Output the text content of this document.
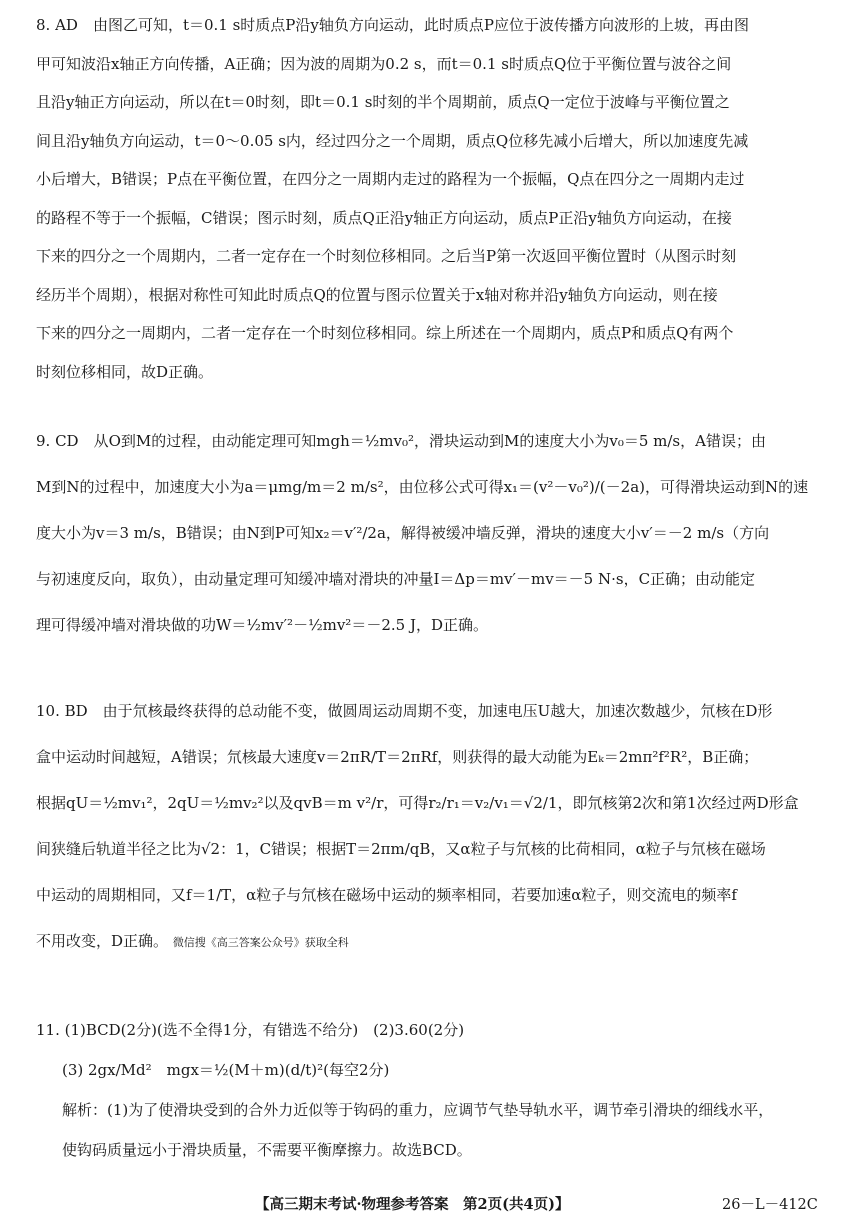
8. AD　由图乙可知，t＝0.1 s时质点P沿y轴负方向运动，此时质点P应位于波传播方向波形的上坡，再由图

甲可知波沿x轴正方向传播，A正确；因为波的周期为0.2 s，而t＝0.1 s时质点Q位于平衡位置与波谷之间

且沿y轴正方向运动，所以在t＝0时刻，即t＝0.1 s时刻的半个周期前，质点Q一定位于波峰与平衡位置之

间且沿y轴负方向运动，t＝0～0.05 s内，经过四分之一个周期，质点Q位移先减小后增大，所以加速度先减

小后增大，B错误；P点在平衡位置，在四分之一周期内走过的路程为一个振幅，Q点在四分之一周期内走过

的路程不等于一个振幅，C错误；图示时刻，质点Q正沿y轴正方向运动，质点P正沿y轴负方向运动，在接

下来的四分之一个周期内，二者一定存在一个时刻位移相同。之后当P第一次返回平衡位置时（从图示时刻

经历半个周期），根据对称性可知此时质点Q的位置与图示位置关于x轴对称并沿y轴负方向运动，则在接

下来的四分之一周期内，二者一定存在一个时刻位移相同。综上所述在一个周期内，质点P和质点Q有两个

时刻位移相同，故D正确。

9. CD　从O到M的过程，由动能定理可知mgh＝½mv₀²，滑块运动到M的速度大小为v₀＝5 m/s，A错误；由

M到N的过程中，加速度大小为a＝μmg/m＝2 m/s²，由位移公式可得x₁＝(v²－v₀²)/(－2a)，可得滑块运动到N的速

度大小为v＝3 m/s，B错误；由N到P可知x₂＝v′²/2a，解得被缓冲墙反弹，滑块的速度大小v′＝－2 m/s（方向

与初速度反向，取负），由动量定理可知缓冲墙对滑块的冲量I＝Δp＝mv′－mv＝－5 N·s，C正确；由动能定

理可得缓冲墙对滑块做的功W＝½mv′²－½mv²＝－2.5 J，D正确。

10. BD　由于氘核最终获得的总动能不变，做圆周运动周期不变，加速电压U越大，加速次数越少，氘核在D形

盒中运动时间越短，A错误；氘核最大速度v＝2πR/T＝2πRf，则获得的最大动能为Eₖ＝2mπ²f²R²，B正确；

根据qU＝½mv₁²，2qU＝½mv₂²以及qvB＝m v²/r，可得r₂/r₁＝v₂/v₁＝√2/1，即氘核第2次和第1次经过两D形盒

间狭缝后轨道半径之比为√2：1，C错误；根据T＝2πm/qB，又α粒子与氘核的比荷相同，α粒子与氘核在磁场

中运动的周期相同，又f＝1/T，α粒子与氘核在磁场中运动的频率相同，若要加速α粒子，则交流电的频率f

不用改变，D正确。 微信搜《高三答案公众号》获取全科

11. (1)BCD(2分)(选不全得1分，有错选不给分)　(2)3.60(2分)

(3) 2gx/Md²　mgx＝½(M＋m)(d/t)²(每空2分)

解析：(1)为了使滑块受到的合外力近似等于钩码的重力，应调节气垫导轨水平，调节牵引滑块的细线水平，

使钩码质量远小于滑块质量，不需要平衡摩擦力。故选BCD。

【高三期末考试·物理参考答案　第2页(共4页)】	26－L－412C
